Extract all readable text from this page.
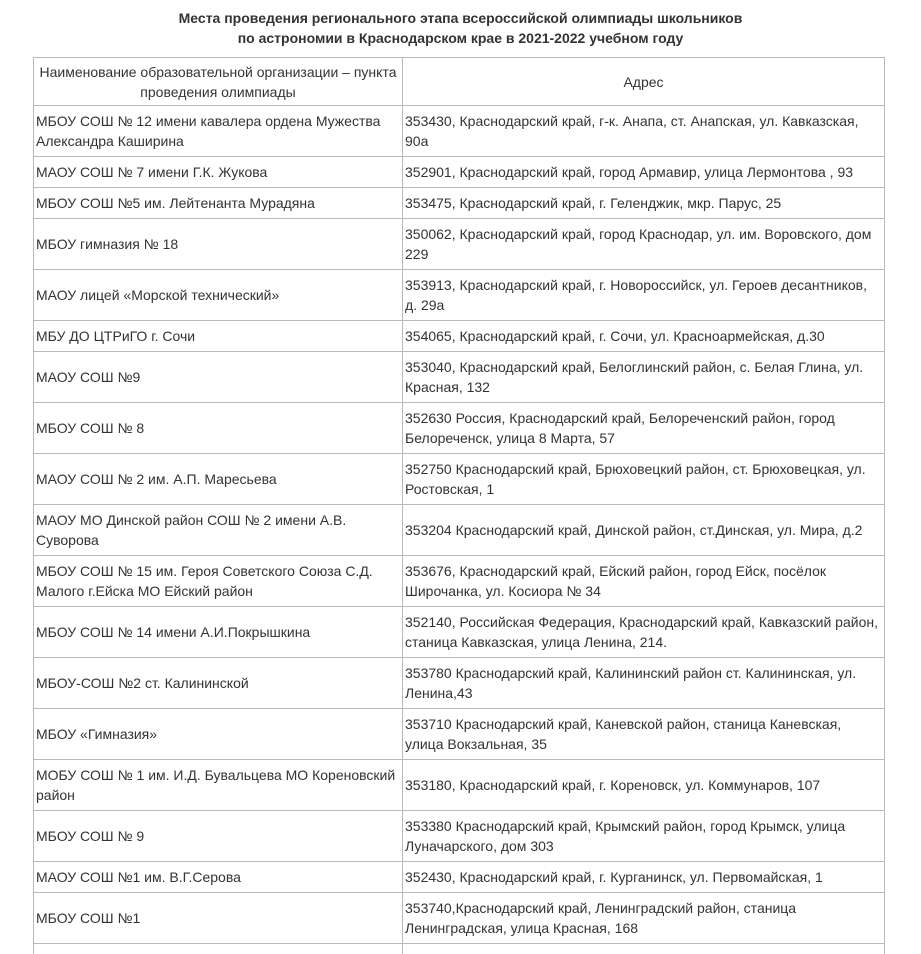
Места проведения регионального этапа всероссийской олимпиады школьников
по астрономии в Краснодарском крае в 2021-2022 учебном году
Наименование образовательной организации – пункта проведения олимпиады	Адрес
МБОУ СОШ № 12 имени кавалера ордена Мужества Александра Каширина	353430, Краснодарский край, г-к. Анапа, ст. Анапская, ул. Кавказская, 90а
МАОУ СОШ № 7 имени Г.К. Жукова	352901, Краснодарский край, город Армавир, улица Лермонтова , 93
МБОУ СОШ №5 им. Лейтенанта Мурадяна	353475, Краснодарский край, г. Геленджик, мкр. Парус, 25
МБОУ гимназия № 18	350062, Краснодарский край, город Краснодар, ул. им. Воровского, дом 229
МАОУ лицей «Морской технический»	353913, Краснодарский край, г. Новороссийск, ул. Героев десантников, д. 29а
МБУ ДО ЦТРиГО г. Сочи	354065, Краснодарский край, г. Сочи, ул. Красноармейская, д.30
МАОУ СОШ №9	353040, Краснодарский край, Белоглинский район, с. Белая Глина, ул. Красная, 132
МБОУ СОШ № 8	352630 Россия, Краснодарский край, Белореченский район, город Белореченск, улица 8 Марта, 57
МАОУ СОШ № 2 им. А.П. Маресьева	352750 Краснодарский край, Брюховецкий район, ст. Брюховецкая, ул. Ростовская, 1
МАОУ МО Динской район СОШ № 2 имени А.В. Суворова	353204 Краснодарский край, Динской район, ст.Динская, ул. Мира, д.2
МБОУ СОШ № 15 им. Героя Советского Союза С.Д. Малого г.Ейска МО Ейский район	353676, Краснодарский край, Ейский район, город Ейск, посёлок Широчанка, ул. Косиора № 34
МБОУ СОШ № 14 имени А.И.Покрышкина	352140, Российская Федерация, Краснодарский край, Кавказский район, станица Кавказская, улица Ленина, 214.
МБОУ-СОШ №2 ст. Калининской	353780 Краснодарский край, Калининский район ст. Калининская, ул. Ленина,43
МБОУ «Гимназия»	353710 Краснодарский край, Каневской район, станица Каневская, улица Вокзальная, 35
МОБУ СОШ № 1 им. И.Д. Бувальцева МО Кореновский район	353180, Краснодарский край, г. Кореновск, ул. Коммунаров, 107
МБОУ СОШ № 9	353380 Краснодарский край, Крымский район, город Крымск, улица Луначарского, дом 303
МАОУ СОШ №1 им. В.Г.Серова	352430, Краснодарский край, г. Курганинск, ул. Первомайская, 1
МБОУ СОШ №1	353740,Краснодарский край, Ленинградский район, станица Ленинградская, улица Красная, 168
